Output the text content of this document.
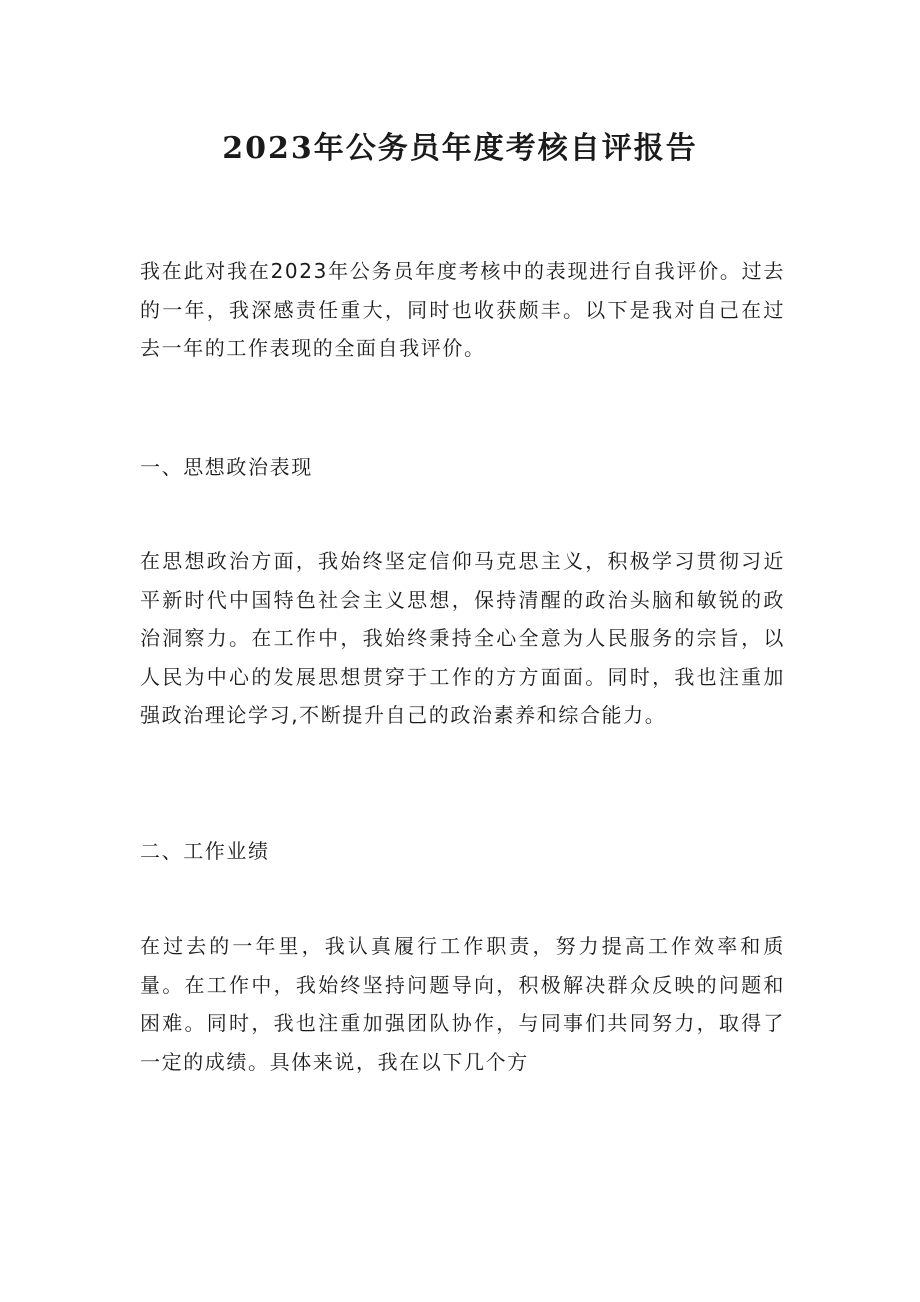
2023年公务员年度考核自评报告

我在此对我在2023年公务员年度考核中的表现进行自我评价。过去的一年，我深感责任重大，同时也收获颇丰。以下是我对自己在过去一年的工作表现的全面自我评价。

一、思想政治表现

在思想政治方面，我始终坚定信仰马克思主义，积极学习贯彻习近平新时代中国特色社会主义思想，保持清醒的政治头脑和敏锐的政治洞察力。在工作中，我始终秉持全心全意为人民服务的宗旨，以人民为中心的发展思想贯穿于工作的方方面面。同时，我也注重加强政治理论学习,不断提升自己的政治素养和综合能力。

二、工作业绩

在过去的一年里，我认真履行工作职责，努力提高工作效率和质量。在工作中，我始终坚持问题导向，积极解决群众反映的问题和困难。同时，我也注重加强团队协作，与同事们共同努力，取得了一定的成绩。具体来说，我在以下几个方
